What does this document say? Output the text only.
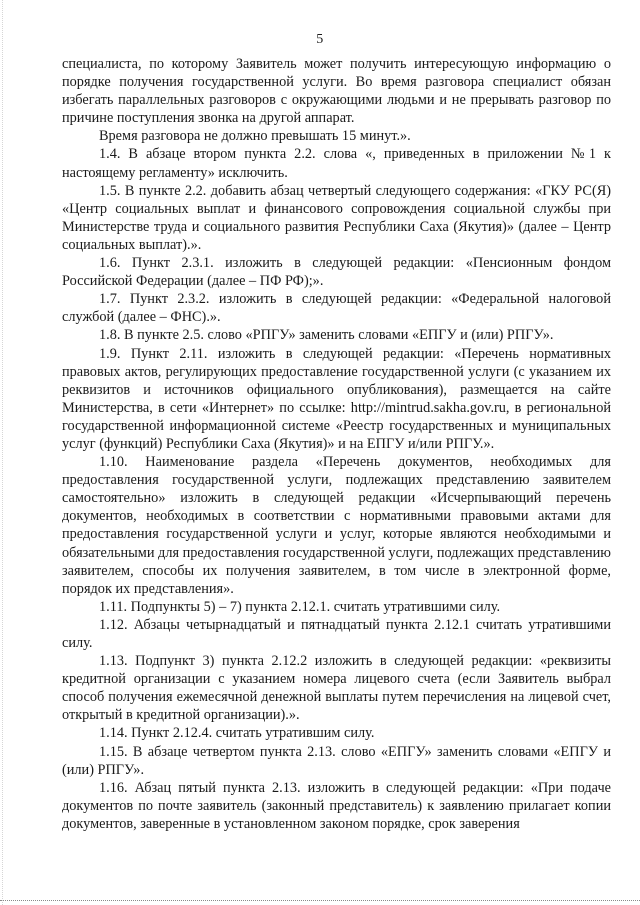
5

специалиста, по которому Заявитель может получить интересующую информацию о порядке получения государственной услуги. Во время разговора специалист обязан избегать параллельных разговоров с окружающими людьми и не прерывать разговор по причине поступления звонка на другой аппарат.

Время разговора не должно превышать 15 минут.».

1.4. В абзаце втором пункта 2.2. слова «, приведенных в приложении №1 к настоящему регламенту» исключить.

1.5. В пункте 2.2. добавить абзац четвертый следующего содержания: «ГКУ РС(Я) «Центр социальных выплат и финансового сопровождения социальной службы при Министерстве труда и социального развития Республики Саха (Якутия)» (далее – Центр социальных выплат).».

1.6. Пункт 2.3.1. изложить в следующей редакции: «Пенсионным фондом Российской Федерации (далее – ПФ РФ);».

1.7. Пункт 2.3.2. изложить в следующей редакции: «Федеральной налоговой службой (далее – ФНС).».

1.8. В пункте 2.5. слово «РПГУ» заменить словами «ЕПГУ и (или) РПГУ».

1.9. Пункт 2.11. изложить в следующей редакции: «Перечень нормативных правовых актов, регулирующих предоставление государственной услуги (с указанием их реквизитов и источников официального опубликования), размещается на сайте Министерства, в сети «Интернет» по ссылке: http://mintrud.sakha.gov.ru, в региональной государственной информационной системе «Реестр государственных и муниципальных услуг (функций) Республики Саха (Якутия)» и на ЕПГУ и/или РПГУ.».

1.10. Наименование раздела «Перечень документов, необходимых для предоставления государственной услуги, подлежащих представлению заявителем самостоятельно» изложить в следующей редакции «Исчерпывающий перечень документов, необходимых в соответствии с нормативными правовыми актами для предоставления государственной услуги и услуг, которые являются необходимыми и обязательными для предоставления государственной услуги, подлежащих представлению заявителем, способы их получения заявителем, в том числе в электронной форме, порядок их представления».

1.11. Подпункты 5) – 7) пункта 2.12.1. считать утратившими силу.

1.12. Абзацы четырнадцатый и пятнадцатый пункта 2.12.1 считать утратившими силу.

1.13. Подпункт 3) пункта 2.12.2 изложить в следующей редакции: «реквизиты кредитной организации с указанием номера лицевого счета (если Заявитель выбрал способ получения ежемесячной денежной выплаты путем перечисления на лицевой счет, открытый в кредитной организации).».

1.14. Пункт 2.12.4. считать утратившим силу.

1.15. В абзаце четвертом пункта 2.13. слово «ЕПГУ» заменить словами «ЕПГУ и (или) РПГУ».

1.16. Абзац пятый пункта 2.13. изложить в следующей редакции: «При подаче документов по почте заявитель (законный представитель) к заявлению прилагает копии документов, заверенные в установленном законом порядке, срок заверения
